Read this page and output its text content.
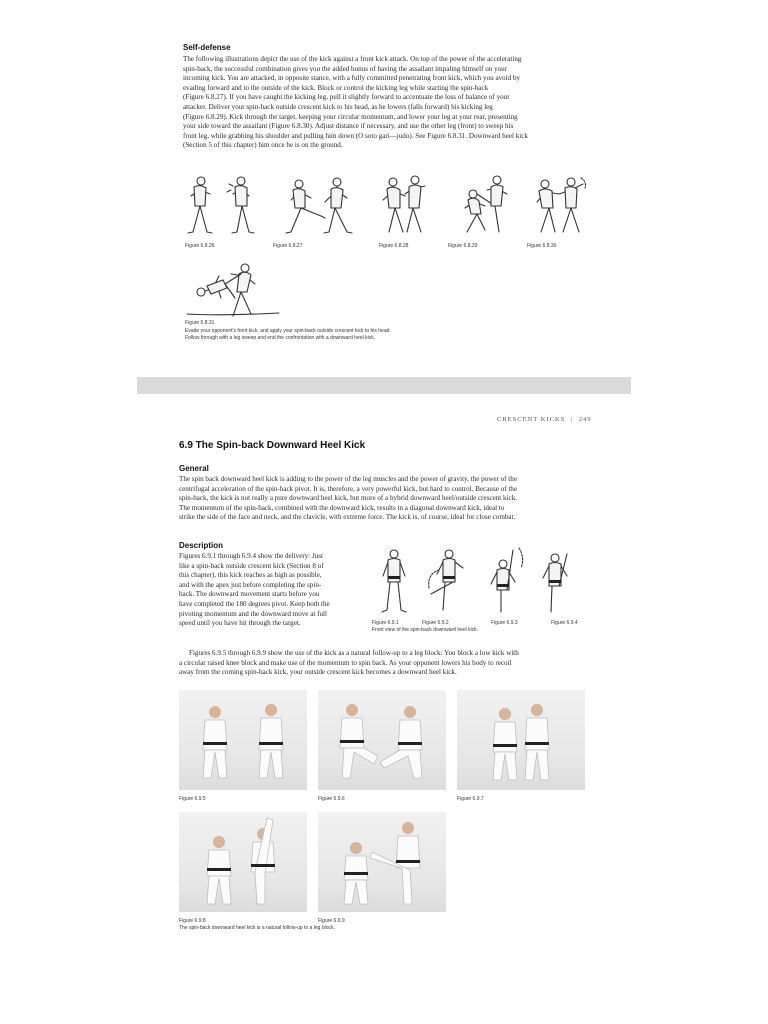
Self-defense
The following illustrations depict the use of the kick against a front kick attack. On top of the power of the accelerating
spin-back, the successful combination gives you the added bonus of having the assailant impaling himself on your
incoming kick. You are attacked, in opposite stance, with a fully committed penetrating front kick, which you avoid by
evading forward and to the outside of the kick. Block or control the kicking leg while starting the spin-back
(Figure 6.8.27). If you have caught the kicking leg, pull it slightly forward to accentuate the loss of balance of your
attacker. Deliver your spin-back outside crescent kick to his head, as he lowers (falls forward) his kicking leg
(Figure 6.8.29). Kick through the target, keeping your circular momentum, and lower your leg at your rear, presenting
your side toward the assailant (Figure 6.8.30). Adjust distance if necessary, and use the other leg (front) to sweep his
front leg, while grabbing his shoulder and pulling him down (O soto gari—judo). See Figure 6.8.31. Downward heel kick
(Section 5 of this chapter) him once he is on the ground.
Figure 6.8.26	Figure 6.8.27	Figure 6.8.28	Figure 6.8.29	Figure 6.8.30
Figure 6.8.31
Evade your opponent's front kick, and apply your spin-back outside crescent kick to his head.
Follow through with a leg sweep and end the confrontation with a downward heel kick.
CRESCENT KICKS | 249
6.9 The Spin-back Downward Heel Kick
General
The spin back downward heel kick is adding to the power of the leg muscles and the power of gravity, the power of the
centrifugal acceleration of the spin-back pivot. It is, therefore, a very powerful kick, but hard to control. Because of the
spin-back, the kick is not really a pure downward heel kick, but more of a hybrid downward heel/outside crescent kick.
The momentum of the spin-back, combined with the downward kick, results in a diagonal downward kick, ideal to
strike the side of the face and neck, and the clavicle, with extreme force. The kick is, of course, ideal for close combat.
Description
Figures 6.9.1 through 6.9.4 show the delivery: Just
like a spin-back outside crescent kick (Section 8 of
this chapter), this kick reaches as high as possible,
and with the apex just before completing the spin-
back. The downward movement starts before you
have completed the 180 degrees pivot. Keep both the
pivoting momentum and the downward move at full
speed until you have hit through the target.	Figure 6.9.1	Figure 6.9.2	Figure 6.9.3	Figure 6.9.4
Front view of the spin-back downward heel kick.
Figures 6.9.5 through 6.9.9 show the use of the kick as a natural follow-up to a leg block: You block a low kick with
a circular raised knee block and make use of the momentum to spin back. As your opponent lowers his body to recoil
away from the coming spin-back kick, your outside crescent kick becomes a downward heel kick.
Figure 6.9.5	Figure 6.9.6	Figure 6.9.7
Figure 6.9.8	Figure 6.9.9
The spin-back downward heel kick is a natural follow-up to a leg block.
